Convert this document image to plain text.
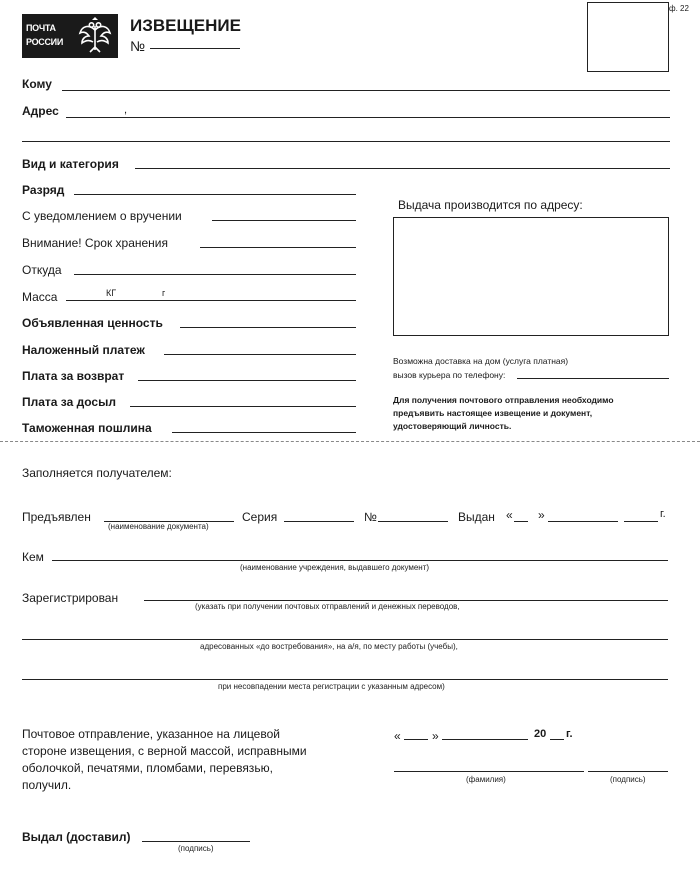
ПОЧТА
РОССИИ
ИЗВЕЩЕНИЕ
№
ф. 22
Кому
Адрес	,
Вид и категория
Разряд
С уведомлением о вручении
Внимание! Срок хранения
Откуда
Масса	КГ	г
Объявленная ценность
Наложенный платеж
Плата за возврат
Плата за досыл
Таможенная пошлина
Выдача производится по адресу:
Возможна доставка на дом (услуга платная)
вызов курьера по телефону:
Для получения почтового отправления необходимо
предъявить настоящее извещение и документ,
удостоверяющий личность.
Заполняется получателем:
Предъявлен
(наименование документа)
Серия	№	Выдан « »	г.
Кем
(наименование учреждения, выдавшего документ)
Зарегистрирован
(указать при получении почтовых отправлений и денежных переводов,
адресованных «до востребования», на а/я, по месту работы (учебы),
при несовпадении места регистрации с указанным адресом)
Почтовое отправление, указанное на лицевой
стороне извещения, с верной массой, исправными
оболочкой, печатями, пломбами, перевязью,
получил.
«	»	20 г.
(фамилия)	(подпись)
Выдал (доставил)
(подпись)
